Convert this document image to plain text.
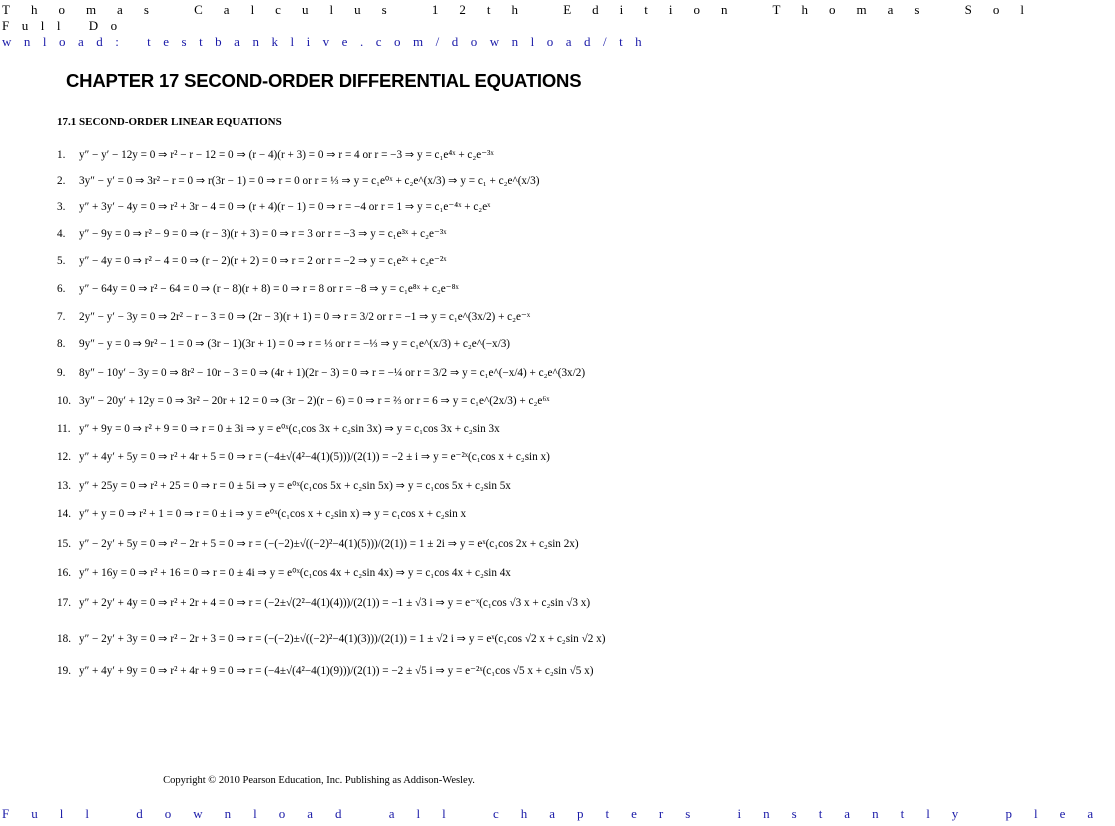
Thomas Calculus 12th Edition Thomas Sol
Full Do
wnload: testbanklive.com/download/th
CHAPTER 17 SECOND-ORDER DIFFERENTIAL EQUATIONS
17.1 SECOND-ORDER LINEAR EQUATIONS
1. y″ − y′ − 12y = 0 ⇒ r² − r − 12 = 0 ⇒ (r − 4)(r + 3) = 0 ⇒ r = 4 or r = −3 ⇒ y = c₁e⁴ˣ + c₂e⁻³ˣ
2. 3y″ − y′ = 0 ⇒ 3r² − r = 0 ⇒ r(3r − 1) = 0 ⇒ r = 0 or r = ⅓ ⇒ y = c₁e⁰ˣ + c₂e^(x/3) ⇒ y = c₁ + c₂e^(x/3)
3. y″ + 3y′ − 4y = 0 ⇒ r² + 3r − 4 = 0 ⇒ (r + 4)(r − 1) = 0 ⇒ r = −4 or r = 1 ⇒ y = c₁e⁻⁴ˣ + c₂eˣ
4. y″ − 9y = 0 ⇒ r² − 9 = 0 ⇒ (r − 3)(r + 3) = 0 ⇒ r = 3 or r = −3 ⇒ y = c₁e³ˣ + c₂e⁻³ˣ
5. y″ − 4y = 0 ⇒ r² − 4 = 0 ⇒ (r − 2)(r + 2) = 0 ⇒ r = 2 or r = −2 ⇒ y = c₁e²ˣ + c₂e⁻²ˣ
6. y″ − 64y = 0 ⇒ r² − 64 = 0 ⇒ (r − 8)(r + 8) = 0 ⇒ r = 8 or r = −8 ⇒ y = c₁e⁸ˣ + c₂e⁻⁸ˣ
7. 2y″ − y′ − 3y = 0 ⇒ 2r² − r − 3 = 0 ⇒ (2r − 3)(r + 1) = 0 ⇒ r = 3/2 or r = −1 ⇒ y = c₁e^(3x/2) + c₂e⁻ˣ
8. 9y″ − y = 0 ⇒ 9r² − 1 = 0 ⇒ (3r − 1)(3r + 1) = 0 ⇒ r = ⅓ or r = −⅓ ⇒ y = c₁e^(x/3) + c₂e^(−x/3)
9. 8y″ − 10y′ − 3y = 0 ⇒ 8r² − 10r − 3 = 0 ⇒ (4r + 1)(2r − 3) = 0 ⇒ r = −¼ or r = 3/2 ⇒ y = c₁e^(−x/4) + c₂e^(3x/2)
10. 3y″ − 20y′ + 12y = 0 ⇒ 3r² − 20r + 12 = 0 ⇒ (3r − 2)(r − 6) = 0 ⇒ r = ⅔ or r = 6 ⇒ y = c₁e^(2x/3) + c₂e⁶ˣ
11. y″ + 9y = 0 ⇒ r² + 9 = 0 ⇒ r = 0 ± 3i ⇒ y = e⁰ˣ(c₁cos 3x + c₂sin 3x) ⇒ y = c₁cos 3x + c₂sin 3x
12. y″ + 4y′ + 5y = 0 ⇒ r² + 4r + 5 = 0 ⇒ r = (−4±√(4²−4(1)(5)))/(2(1)) = −2 ± i ⇒ y = e⁻²ˣ(c₁cos x + c₂sin x)
13. y″ + 25y = 0 ⇒ r² + 25 = 0 ⇒ r = 0 ± 5i ⇒ y = e⁰ˣ(c₁cos 5x + c₂sin 5x) ⇒ y = c₁cos 5x + c₂sin 5x
14. y″ + y = 0 ⇒ r² + 1 = 0 ⇒ r = 0 ± i ⇒ y = e⁰ˣ(c₁cos x + c₂sin x) ⇒ y = c₁cos x + c₂sin x
15. y″ − 2y′ + 5y = 0 ⇒ r² − 2r + 5 = 0 ⇒ r = (−(−2)±√((−2)²−4(1)(5)))/(2(1)) = 1 ± 2i ⇒ y = eˣ(c₁cos 2x + c₂sin 2x)
16. y″ + 16y = 0 ⇒ r² + 16 = 0 ⇒ r = 0 ± 4i ⇒ y = e⁰ˣ(c₁cos 4x + c₂sin 4x) ⇒ y = c₁cos 4x + c₂sin 4x
17. y″ + 2y′ + 4y = 0 ⇒ r² + 2r + 4 = 0 ⇒ r = (−2±√(2²−4(1)(4)))/(2(1)) = −1 ± √3 i ⇒ y = e⁻ˣ(c₁cos √3 x + c₂sin √3 x)
18. y″ − 2y′ + 3y = 0 ⇒ r² − 2r + 3 = 0 ⇒ r = (−(−2)±√((−2)²−4(1)(3)))/(2(1)) = 1 ± √2 i ⇒ y = eˣ(c₁cos √2 x + c₂sin √2 x)
19. y″ + 4y′ + 9y = 0 ⇒ r² + 4r + 9 = 0 ⇒ r = (−4±√(4²−4(1)(9)))/(2(1)) = −2 ± √5 i ⇒ y = e⁻²ˣ(c₁cos √5 x + c₂sin √5 x)
Copyright © 2010 Pearson Education, Inc. Publishing as Addison-Wesley.
Full download all chapters instantly plea
